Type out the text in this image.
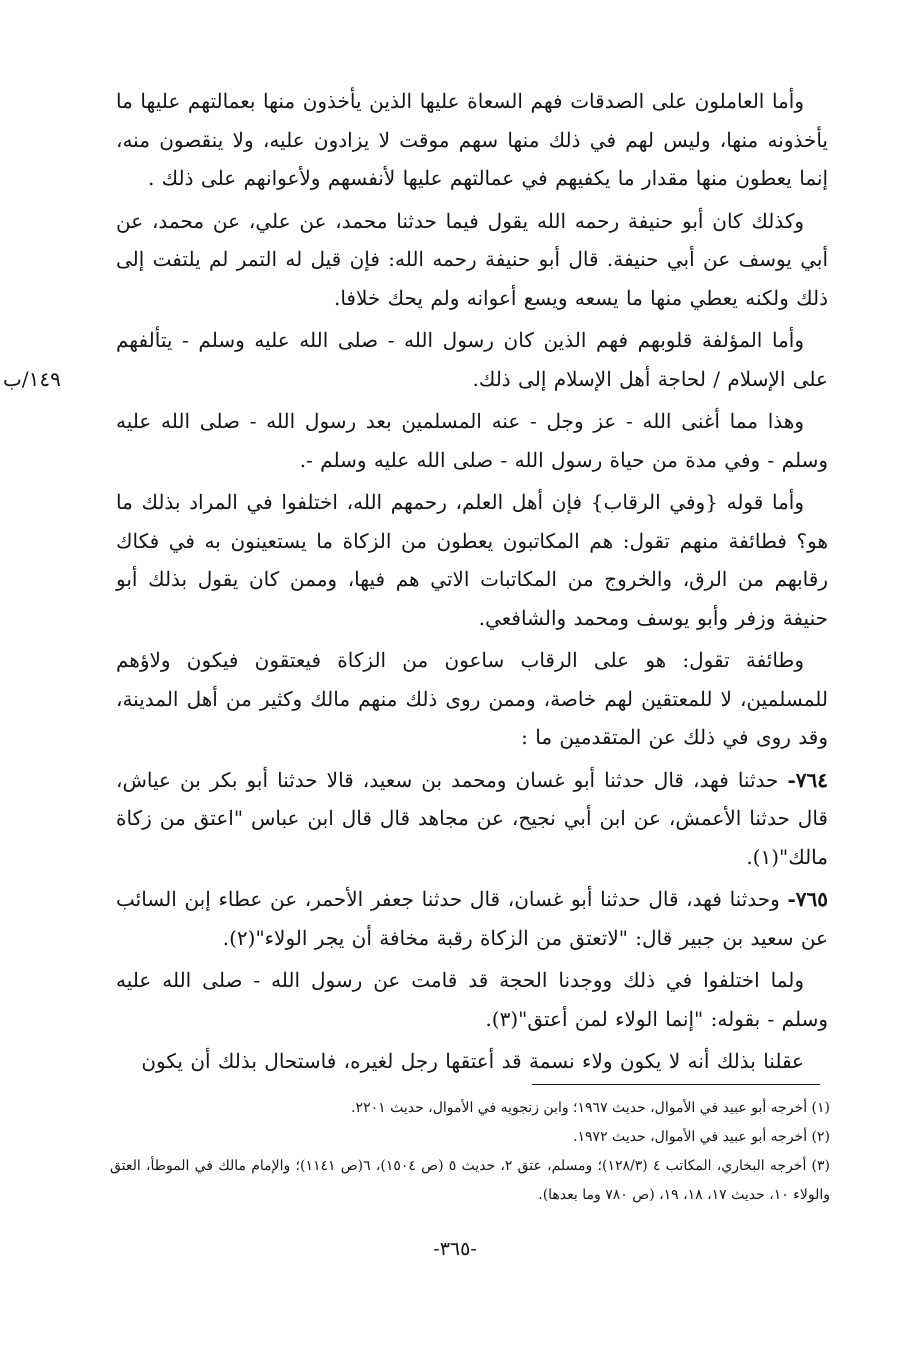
وأما العاملون على الصدقات فهم السعاة عليها الذين يأخذون منها بعمالتهم عليها ما يأخذونه منها، وليس لهم في ذلك منها سهم موقت لا يزادون عليه، ولا ينقصون منه، إنما يعطون منها مقدار ما يكفيهم في عمالتهم عليها لأنفسهم ولأعوانهم على ذلك .

وكذلك كان أبو حنيفة رحمه الله يقول فيما حدثنا محمد، عن علي، عن محمد، عن أبي يوسف عن أبي حنيفة. قال أبو حنيفة رحمه الله: فإن قيل له التمر لم يلتفت إلى ذلك ولكنه يعطي منها ما يسعه ويسع أعوانه ولم يحك خلافا.

وأما المؤلفة قلوبهم فهم الذين كان رسول الله - صلى الله عليه وسلم - يتألفهم على الإسلام / لحاجة أهل الإسلام إلى ذلك.

١٤٩/ب

وهذا مما أغنى الله - عز وجل - عنه المسلمين بعد رسول الله - صلى الله عليه وسلم - وفي مدة من حياة رسول الله - صلى الله عليه وسلم -.

وأما قوله {وفي الرقاب} فإن أهل العلم، رحمهم الله، اختلفوا في المراد بذلك ما هو؟ فطائفة منهم تقول: هم المكاتبون يعطون من الزكاة ما يستعينون به في فكاك رقابهم من الرق، والخروج من المكاتبات الاتي هم فيها، وممن كان يقول بذلك أبو حنيفة وزفر وأبو يوسف ومحمد والشافعي.

وطائفة تقول: هو على الرقاب ساعون من الزكاة فيعتقون فيكون ولاؤهم للمسلمين، لا للمعتقين لهم خاصة، وممن روى ذلك منهم مالك وكثير من أهل المدينة، وقد روى في ذلك عن المتقدمين ما :

٧٦٤- حدثنا فهد، قال حدثنا أبو غسان ومحمد بن سعيد، قالا حدثنا أبو بكر بن عياش، قال حدثنا الأعمش، عن ابن أبي نجيح، عن مجاهد قال قال ابن عباس "اعتق من زكاة مالك"(١).

٧٦٥- وحدثنا فهد، قال حدثنا أبو غسان، قال حدثنا جعفر الأحمر، عن عطاء إبن السائب عن سعيد بن جبير قال: "لاتعتق من الزكاة رقبة مخافة أن يجر الولاء"(٢).

ولما اختلفوا في ذلك ووجدنا الحجة قد قامت عن رسول الله - صلى الله عليه وسلم - بقوله: "إنما الولاء لمن أعتق"(٣).

عقلنا بذلك أنه لا يكون ولاء نسمة قد أعتقها رجل لغيره، فاستحال بذلك أن يكون

(١) أخرجه أبو عبيد في الأموال، حديث ١٩٦٧؛ وابن زنجويه في الأموال، حديث ٢٢٠١.

(٢) أخرجه أبو عبيد في الأموال، حديث ١٩٧٢.

(٣) أخرجه البخاري، المكاتب ٤ (١٢٨/٣)؛ ومسلم، عتق ٢، حديث ٥ (ص ١٥٠٤)، ٦(ص ١١٤١)؛ والإمام مالك في الموطأ، العتق والولاء ١٠، حديث ١٧، ١٨، ١٩، (ص ٧٨٠ وما بعدها).

-٣٦٥-
